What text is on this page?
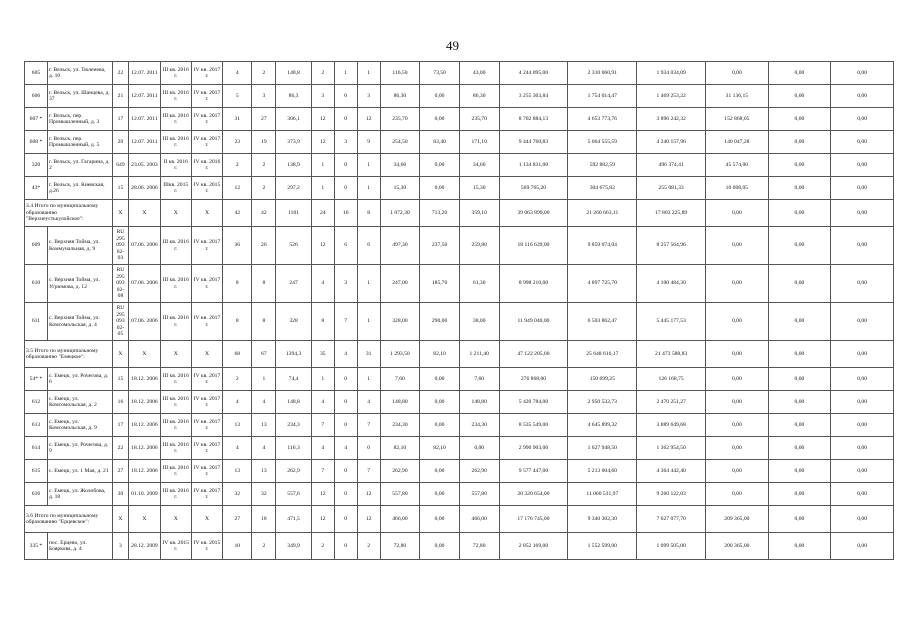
49
605	г. Вельск, ул. Тюленева, д. 10	22	12.07. 2011	III кв. 2016 г.	IV кв. 2017 г.	4	2	148,8	2	1	1	116,50	73,50	43,00	4 244 095,00	2 310 060,91	1 934 034,09	0,00	0,00	0,00
606	г. Вельск, ул. Шанцева, д. 37	21	12.07. 2011	III кв. 2016 г.	IV кв. 2017 г.	5	3	86,3	3	0	3	86,30	0,00	86,30	3 255 303,84	1 754 014,47	1 469 253,22	31 136,15	0,00	0,00
607 *	г. Вельск, пер. Промышленный, д. 3	17	12.07. 2011	III кв. 2016 г.	IV кв. 2017 г.	31	27	306,1	12	0	12	235,70	0,00	235,70	8 702 884,13	4 653 773,76	3 896 242,32	152 868,05	0,00	0,00
608 *	г. Вельск, пер. Промышленный, д. 5	20	12.07. 2011	III кв. 2016 г.	IV кв. 2017 г.	23	19	373,9	12	3	9	254,50	83,40	171,10	9 444 760,83	5 064 555,59	4 240 157,96	140 047,28	0,00	0,00
320	г. Вельск, ул. Гагарина, д. 2	649	23.05. 2003	II кв. 2016 г.	IV кв. 2016 г.	2	2	138,9	1	0	1	34,60	0,00	34,60	1 134 831,00	592 882,59	496 374,41	45 574,00	0,00	0,00
43*	г. Вельск, ул. Киевская, д.26	15	28.06. 2006	IIIкв. 2015 г.	IV кв. 2015 г.	12	2	297,2	1	0	1	15,30	0,00	15,30	569 765,20	304 675,82	255 081,33	10 008,05	0,00	0,00
3.4 Итого по муниципальному образованию "Верхнеустькулойское":		X	X	X	X	42	42	1101	24	16	8	1 072,30	713,20	359,10	39 063 899,00	21 260 663,11	17 803 225,89	0,00	0,00	0,00
609	с. Верхняя Тойма, ул. Коммунальная, д. 9	RU 295 093 02- 03	07.06. 2006	III кв. 2016 г.	IV кв. 2017 г.	36	26	526	12	6	6	497,30	237,50	259,80	18 116 639,00	9 859 074,04	8 257 564,96	0,00	0,00	0,00
610	с. Верхняя Тойма, ул. Угрюмова, д. 12	RU 295 093 02- 08	07.06. 2006	III кв. 2016 г.	IV кв. 2017 г.	8	8	247	4	3	1	247,00	185,70	61,30	8 998 210,00	4 897 725,70	4 100 484,30	0,00	0,00	0,00
611	с. Верхняя Тойма, ул. Комсомольская, д. 4	RU 295 093 02- 05	07.06. 2006	III кв. 2016 г.	IV кв. 2017 г.	8	8	328	8	7	1	328,00	290,00	38,00	11 949 040,00	6 503 862,47	5 445 177,53	0,00	0,00	0,00
3.5 Итого по муниципальному образованию "Емецкое":		X	X	X	X	68	67	1394,3	35	4	31	1 293,50	82,10	1 211,40	47 122 205,00	25 648 616,17	21 473 588,83	0,00	0,00	0,00
54* *	с. Емецк, ул. Рочегова, д. 6	15	18.12. 2006	III кв. 2016 г.	IV кв. 2017 г.	2	1	74,4	1	0	1	7,60	0,00	7,60	276 868,00	150 699,25	126 168,75	0,00	0,00	0,00
612	с. Емецк, ул. Комсомольская, д. 2	16	18.12. 2006	III кв. 2016 г.	IV кв. 2017 г.	4	4	148,8	4	0	4	148,80	0,00	148,80	5 420 784,00	2 950 532,73	2 470 251,27	0,00	0,00	0,00
613	с. Емецк, ул. Комсомольская, д. 9	17	18.12. 2006	III кв. 2016 г.	IV кв. 2017 г.	13	13	234,3	7	0	7	234,30	0,00	234,30	8 535 549,00	4 645 899,32	3 889 649,68	0,00	0,00	0,00
614	с. Емецк, ул. Рочегова, д. 9	22	18.12. 2006	III кв. 2016 г.	IV кв. 2017 г.	4	4	116,3	4	4	0	82,10	82,10	0,00	2 990 903,00	1 627 948,50	1 362 954,50	0,00	0,00	0,00
615	с. Емецк, ул. 1 Мая, д. 21	27	18.12. 2006	III кв. 2016 г.	IV кв. 2017 г.	13	13	262,9	7	0	7	262,90	0,00	262,90	9 577 447,00	5 213 004,60	4 364 442,40	0,00	0,00	0,00
616	с. Емецк, ул. Жолобова, д. 18	30	01.10. 2009	III кв. 2016 г.	IV кв. 2017 г.	32	32	557,6	12	0	12	557,80	0,00	557,80	20 320 654,00	11 060 531,97	9 260 122,03	0,00	0,00	0,00
3.6 Итого по муниципальному образованию "Ерцевское":		X	X	X	X	27	18	471,5	12	0	12	466,00	0,00	466,00	17 176 745,00	9 340 302,30	7 627 077,70	209 365,00	0,00	0,00
335 *	пос. Ерцево, ул. Бояркова, д. 4	3	28.12. 2009	IV кв. 2015 г.	IV кв. 2015 г.	10	2	349,9	2	0	2	72,80	0,00	72,80	2 852 169,00	1 552 599,00	1 099 505,00	200 365,00	0,00	0,00
